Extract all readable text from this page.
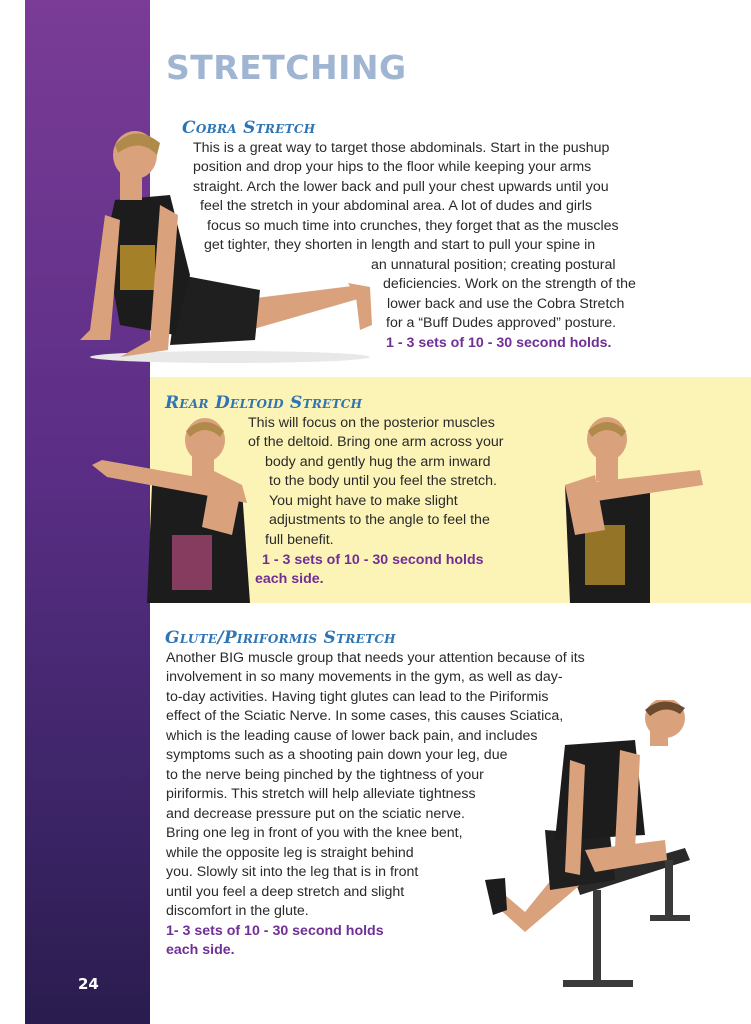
24
STRETCHING
Cobra Stretch
This is a great way to target those abdominals. Start in the pushup
position and drop your hips to the floor while keeping your arms
straight. Arch the lower back and pull your chest upwards until you
feel the stretch in your abdominal area. A lot of dudes and girls
focus so much time into crunches, they forget that as the muscles
get tighter, they shorten in length and start to pull your spine in
an unnatural position; creating postural
deficiencies. Work on the strength of the
lower back and use the Cobra Stretch
for a “Buff Dudes approved” posture.
1 - 3 sets of 10 - 30 second holds.
Rear Deltoid Stretch
This will focus on the posterior muscles
of the deltoid. Bring one arm across your
body and gently hug the arm inward
to the body until you feel the stretch.
You might have to make slight
adjustments to the angle to feel the
full benefit.
1 - 3 sets of 10 - 30 second holds
each side.
Glute/Piriformis Stretch
Another BIG muscle group that needs your attention because of its
involvement in so many movements in the gym, as well as day-
to-day activities. Having tight glutes can lead to the Piriformis
effect of the Sciatic Nerve. In some cases, this causes Sciatica,
which is the leading cause of lower back pain, and includes
symptoms such as a shooting pain down your leg, due
to the nerve being pinched by the tightness of your
piriformis. This stretch will help alleviate tightness
and decrease pressure put on the sciatic nerve.
Bring one leg in front of you with the knee bent,
while the opposite leg is straight behind
you. Slowly sit into the leg that is in front
until you feel a deep stretch and slight
discomfort in the glute.
1- 3 sets of 10 - 30 second holds
each side.
